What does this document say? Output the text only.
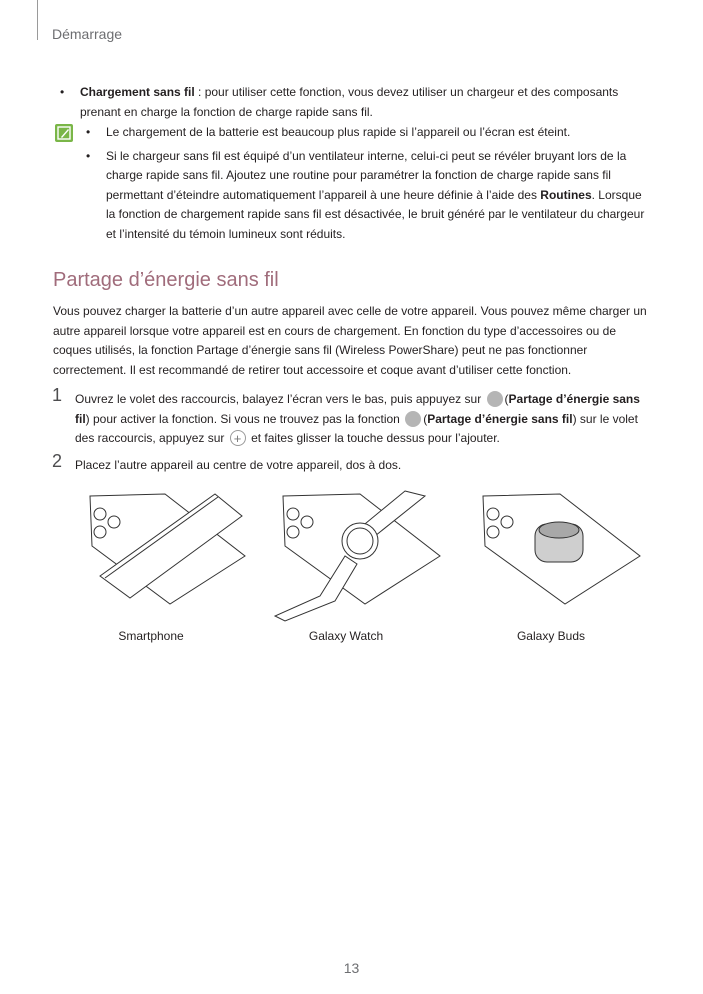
Démarrage
• Chargement sans fil : pour utiliser cette fonction, vous devez utiliser un chargeur et des composants prenant en charge la fonction de charge rapide sans fil.
• Le chargement de la batterie est beaucoup plus rapide si l’appareil ou l’écran est éteint.
• Si le chargeur sans fil est équipé d’un ventilateur interne, celui-ci peut se révéler bruyant lors de la charge rapide sans fil. Ajoutez une routine pour paramétrer la fonction de charge rapide sans fil permettant d’éteindre automatiquement l’appareil à une heure définie à l’aide des Routines. Lorsque la fonction de chargement rapide sans fil est désactivée, le bruit généré par le ventilateur du chargeur et l’intensité du témoin lumineux sont réduits.
Partage d’énergie sans fil
Vous pouvez charger la batterie d’un autre appareil avec celle de votre appareil. Vous pouvez même charger un autre appareil lorsque votre appareil est en cours de chargement. En fonction du type d’accessoires ou de coques utilisés, la fonction Partage d’énergie sans fil (Wireless PowerShare) peut ne pas fonctionner correctement. Il est recommandé de retirer tout accessoire et coque avant d’utiliser cette fonction.
1 Ouvrez le volet des raccourcis, balayez l’écran vers le bas, puis appuyez sur (Partage d’énergie sans fil) pour activer la fonction. Si vous ne trouvez pas la fonction (Partage d’énergie sans fil) sur le volet des raccourcis, appuyez sur + et faites glisser la touche dessus pour l’ajouter.
2 Placez l’autre appareil au centre de votre appareil, dos à dos.
Smartphone	Galaxy Watch	Galaxy Buds
13
